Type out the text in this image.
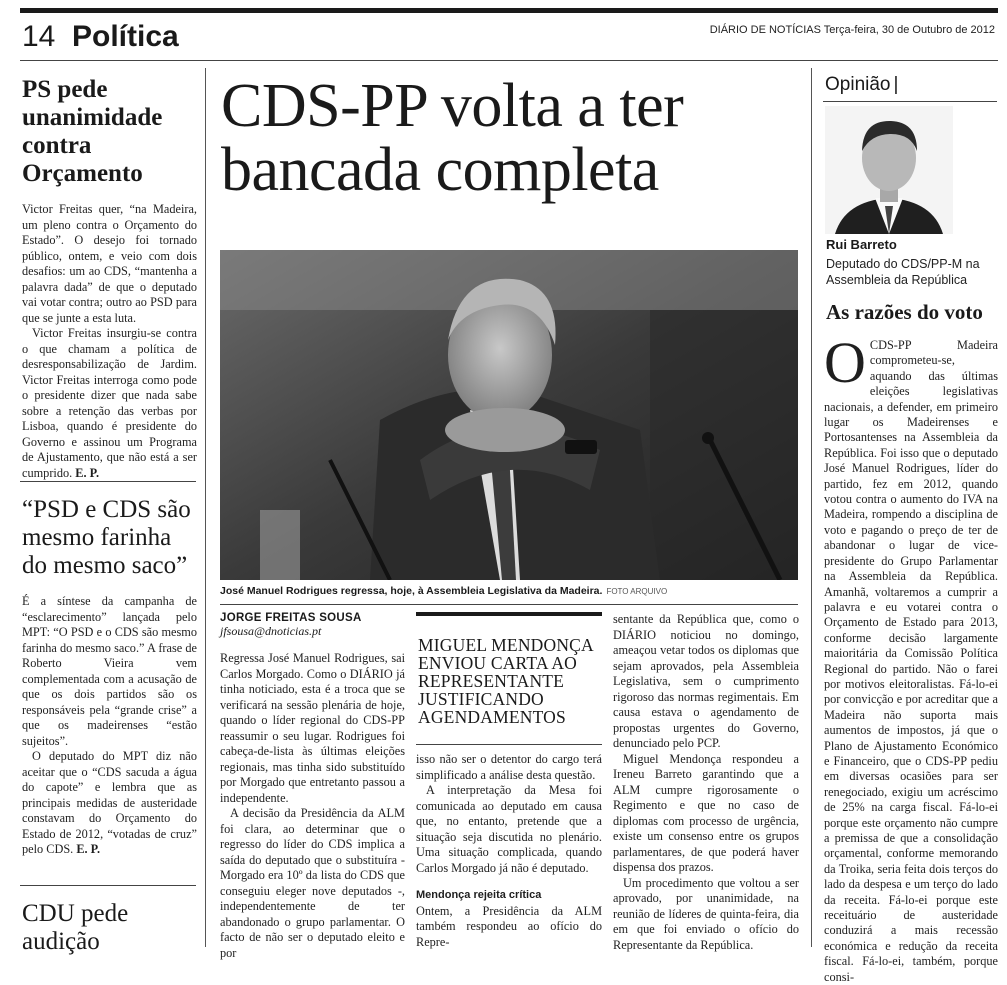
14 Política	DIÁRIO DE NOTÍCIAS Terça-feira, 30 de Outubro de 2012
PS pede unanimidade contra Orçamento

Victor Freitas quer, “na Madeira, um pleno contra o Orçamento do Estado”. O desejo foi tornado público, ontem, e veio com dois desafios: um ao CDS, “mantenha a palavra dada” de que o deputado vai votar contra; outro ao PSD para que se junte a esta luta.

Victor Freitas insurgiu-se contra o que chamam a política de desresponsabilização de Jardim. Victor Freitas interroga como pode o presidente dizer que nada sabe sobre a retenção das verbas por Lisboa, quando é presidente do Governo e assinou um Programa de Ajustamento, que não está a ser cumprido. E. P.

“PSD e CDS são mesmo farinha do mesmo saco”

É a síntese da campanha de “esclarecimento” lançada pelo MPT: “O PSD e o CDS são mesmo farinha do mesmo saco.” A frase de Roberto Vieira vem complementada com a acusação de que os dois partidos são os responsáveis pela “grande crise” a que os madeirenses “estão sujeitos”.

O deputado do MPT diz não aceitar que o “CDS sacuda a água do capote” e lembra que as principais medidas de austeridade constavam do Orçamento do Estado de 2012, “votadas de cruz” pelo CDS. E. P.

CDU pede audição
CDS-PP volta a ter bancada completa
José Manuel Rodrigues regressa, hoje, à Assembleia Legislativa da Madeira. FOTO ARQUIVO
JORGE FREITAS SOUSA
jfsousa@dnoticias.pt

Regressa José Manuel Rodrigues, sai Carlos Morgado. Como o DIÁRIO já tinha noticiado, esta é a troca que se verificará na sessão plenária de hoje, quando o líder regional do CDS-PP reassumir o seu lugar. Rodrigues foi cabeça-de-lista às últimas eleições regionais, mas tinha sido substituído por Morgado que entretanto passou a independente.

A decisão da Presidência da ALM foi clara, ao determinar que o regresso do líder do CDS implica a saída do deputado que o substituíra - Morgado era 10º da lista do CDS que conseguiu eleger nove deputados -, independentemente de ter abandonado o grupo parlamentar. O facto de não ser o deputado eleito e por

MIGUEL MENDONÇA ENVIOU CARTA AO REPRESENTANTE JUSTIFICANDO AGENDAMENTOS

isso não ser o detentor do cargo terá simplificado a análise desta questão.

A interpretação da Mesa foi comunicada ao deputado em causa que, no entanto, pretende que a situação seja discutida no plenário. Uma situação complicada, quando Carlos Morgado já não é deputado.

Mendonça rejeita crítica

Ontem, a Presidência da ALM também respondeu ao ofício do Repre-

sentante da República que, como o DIÁRIO noticiou no domingo, ameaçou vetar todos os diplomas que sejam aprovados, pela Assembleia Legislativa, sem o cumprimento rigoroso das normas regimentais. Em causa estava o agendamento de propostas urgentes do Governo, denunciado pelo PCP.

Miguel Mendonça respondeu a Ireneu Barreto garantindo que a ALM cumpre rigorosamente o Regimento e que no caso de diplomas com processo de urgência, existe um consenso entre os grupos parlamentares, de que poderá haver dispensa dos prazos.

Um procedimento que voltou a ser aprovado, por unanimidade, na reunião de líderes de quinta-feira, dia em que foi enviado o ofício do Representante da República.

Opinião |
Rui Barreto
Deputado do CDS/PP-M na Assembleia da República
As razões do voto
OCDS-PP Madeira comprometeu-se, aquando das últimas eleições legislativas nacionais, a defender, em primeiro lugar os Madeirenses e Portosantenses na Assembleia da República. Foi isso que o deputado José Manuel Rodrigues, líder do partido, fez em 2012, quando votou contra o aumento do IVA na Madeira, rompendo a disciplina de voto e pagando o preço de ter de abandonar o lugar de vice-presidente do Grupo Parlamentar na Assembleia da República. Amanhã, voltaremos a cumprir a palavra e eu votarei contra o Orçamento de Estado para 2013, conforme decisão largamente maioritária da Comissão Política Regional do partido. Não o farei por motivos eleitoralistas. Fá-lo-ei por convicção e por acreditar que a Madeira não suporta mais aumentos de impostos, já que o Plano de Ajustamento Económico e Financeiro, que o CDS-PP pediu em diversas ocasiões para ser renegociado, exigiu um acréscimo de 25% na carga fiscal. Fá-lo-ei porque este orçamento não cumpre a premissa de que a consolidação orçamental, conforme memorando da Troika, seria feita dois terços do lado da despesa e um terço do lado da receita. Fá-lo-ei porque este receituário de austeridade conduzirá a mais recessão económica e redução da receita fiscal. Fá-lo-ei, também, porque consi-
